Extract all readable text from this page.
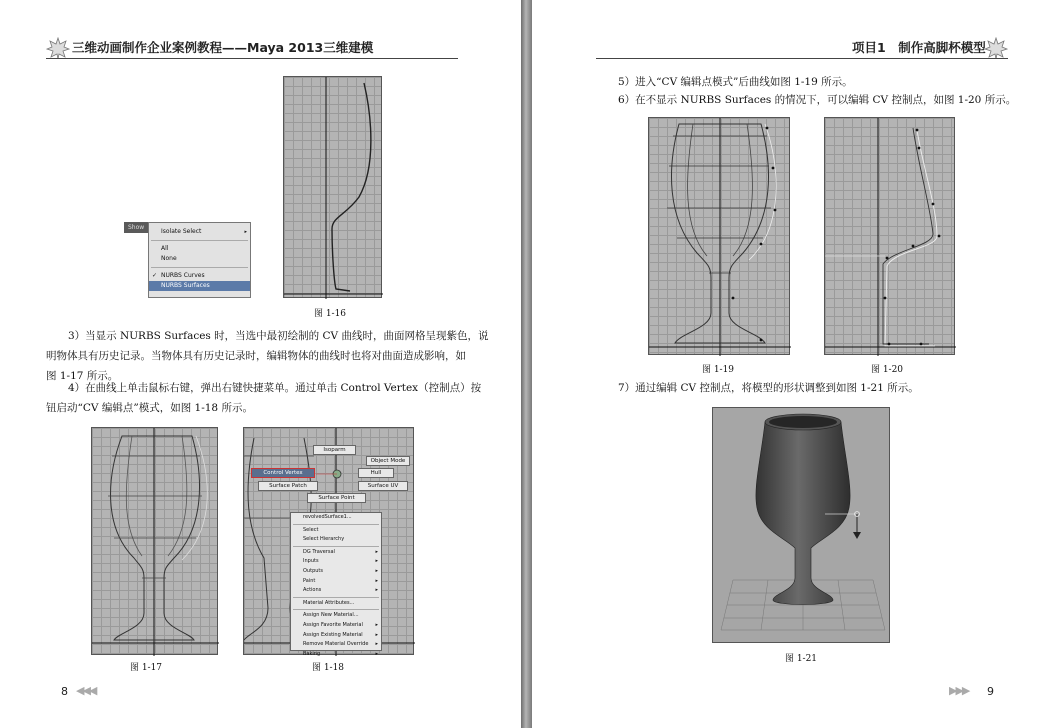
三维动画制作企业案例教程——Maya 2013三维建模
Show
Isolate Select	▸
All
None
✓ NURBS Curves
NURBS Surfaces
图 1-16
3）当显示 NURBS Surfaces 时，当选中最初绘制的 CV 曲线时，曲面网格呈现紫色，说
明物体具有历史记录。当物体具有历史记录时，编辑物体的曲线时也将对曲面造成影响，如
图 1-17 所示。
4）在曲线上单击鼠标右键，弹出右键快捷菜单。通过单击 Control Vertex（控制点）按
钮启动“CV 编辑点”模式，如图 1-18 所示。
图 1-17
Isoparm
Object Mode
Control Vertex	Hull
Surface Patch	Surface UV
Surface Point
revolvedSurface1...
Select
Select Hierarchy
DG Traversal	▸
Inputs	▸
Outputs	▸
Paint	▸
Actions	▸
Material Attributes...
Assign New Material...
Assign Favorite Material	▸
Assign Existing Material	▸
Remove Material Override ▸
Baking	▸
图 1-18
8 ◀◀◀
项目1　制作高脚杯模型
5）进入“CV 编辑点模式”后曲线如图 1-19 所示。
6）在不显示 NURBS Surfaces 的情况下，可以编辑 CV 控制点，如图 1-20 所示。
图 1-19	图 1-20
7）通过编辑 CV 控制点，将模型的形状调整到如图 1-21 所示。
图 1-21
▶▶▶ 9
